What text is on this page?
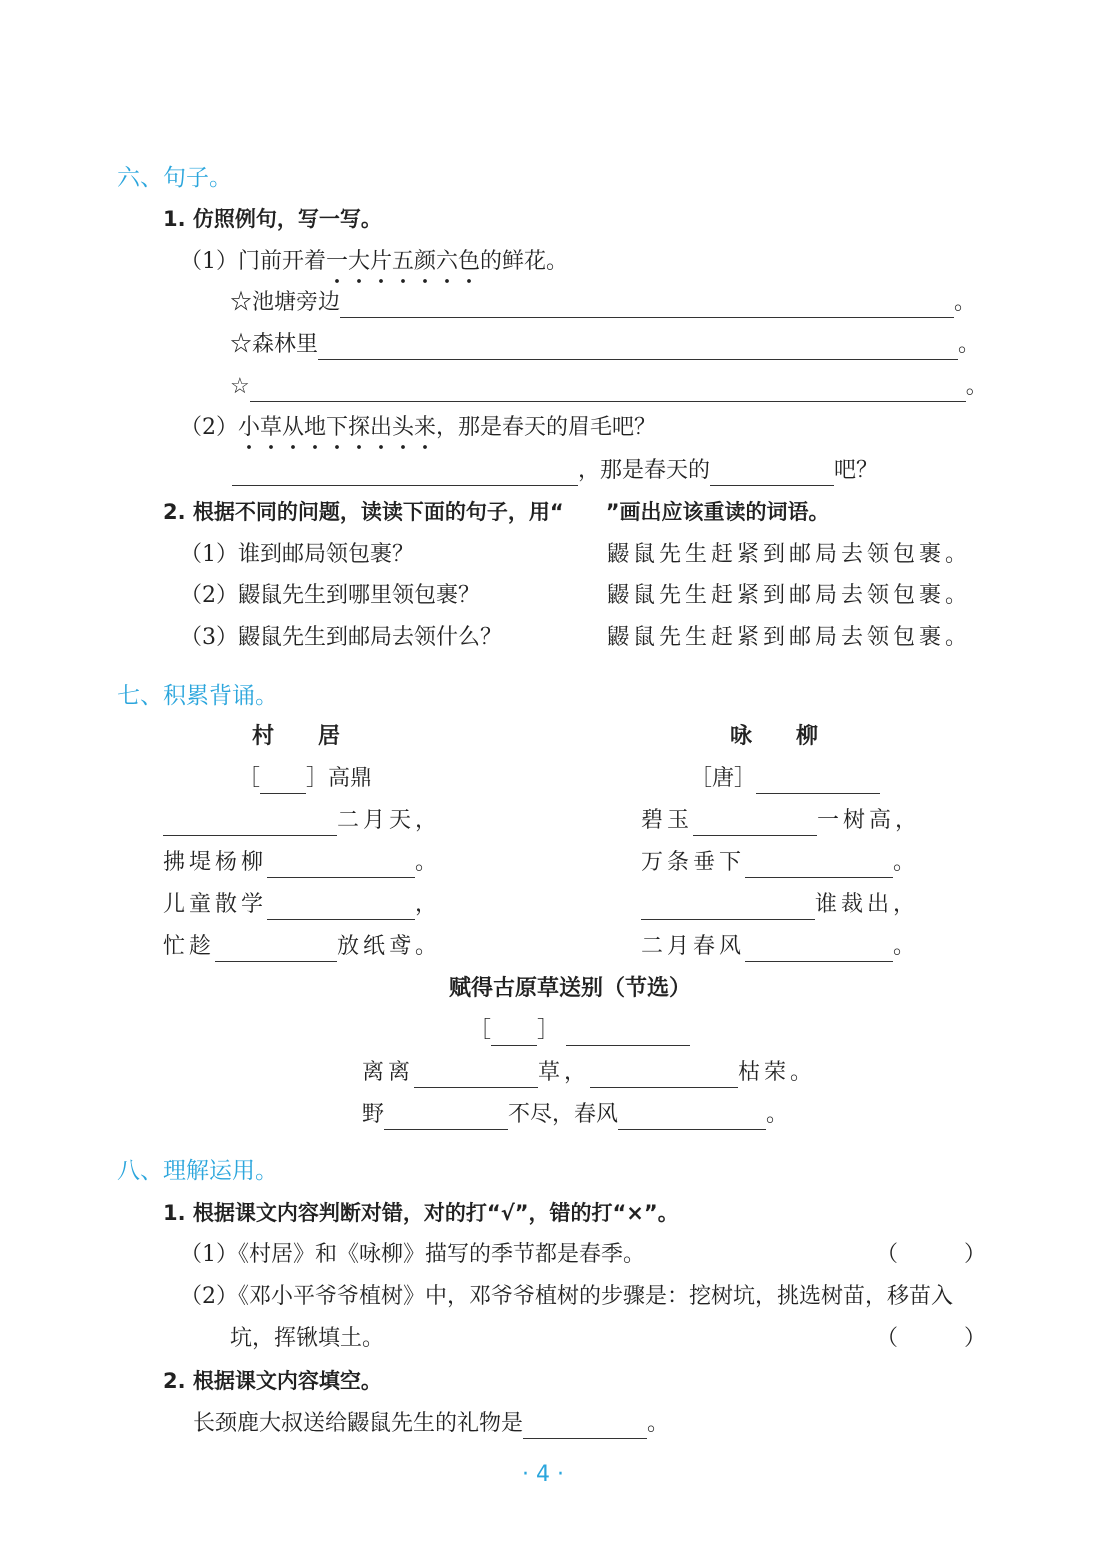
六、句子。
1. 仿照例句，写一写。
（1）门前开着一大片五颜六色的鲜花。
☆池塘旁边	。
☆森林里	。
☆	。
（2）小草从地下探出头来，那是春天的眉毛吧？
，那是春天的	吧？
2. 根据不同的问题，读读下面的句子，用“　　”画出应该重读的词语。
（1）谁到邮局领包裹？	鼹鼠先生赶紧到邮局去领包裹。
（2）鼹鼠先生到哪里领包裹？	鼹鼠先生赶紧到邮局去领包裹。
（3）鼹鼠先生到邮局去领什么？	鼹鼠先生赶紧到邮局去领包裹。
七、积累背诵。
村　　居
［ ］高鼎
二月天，
拂堤杨柳	。
儿童散学	，
忙趁	放纸鸢。
咏　　柳
［唐］
碧玉	一树高，
万条垂下	。
谁裁出，
二月春风	。
赋得古原草送别（节选）
［ ］
离离	草，	枯荣。
野	不尽，春风	。
八、理解运用。
1. 根据课文内容判断对错，对的打“√”，错的打“×”。
（1）《村居》和《咏柳》描写的季节都是春季。	（　　　）
（2）《邓小平爷爷植树》中，邓爷爷植树的步骤是：挖树坑，挑选树苗，移苗入
坑，挥锹填土。	（　　　）
2. 根据课文内容填空。
长颈鹿大叔送给鼹鼠先生的礼物是	。
· 4 ·
